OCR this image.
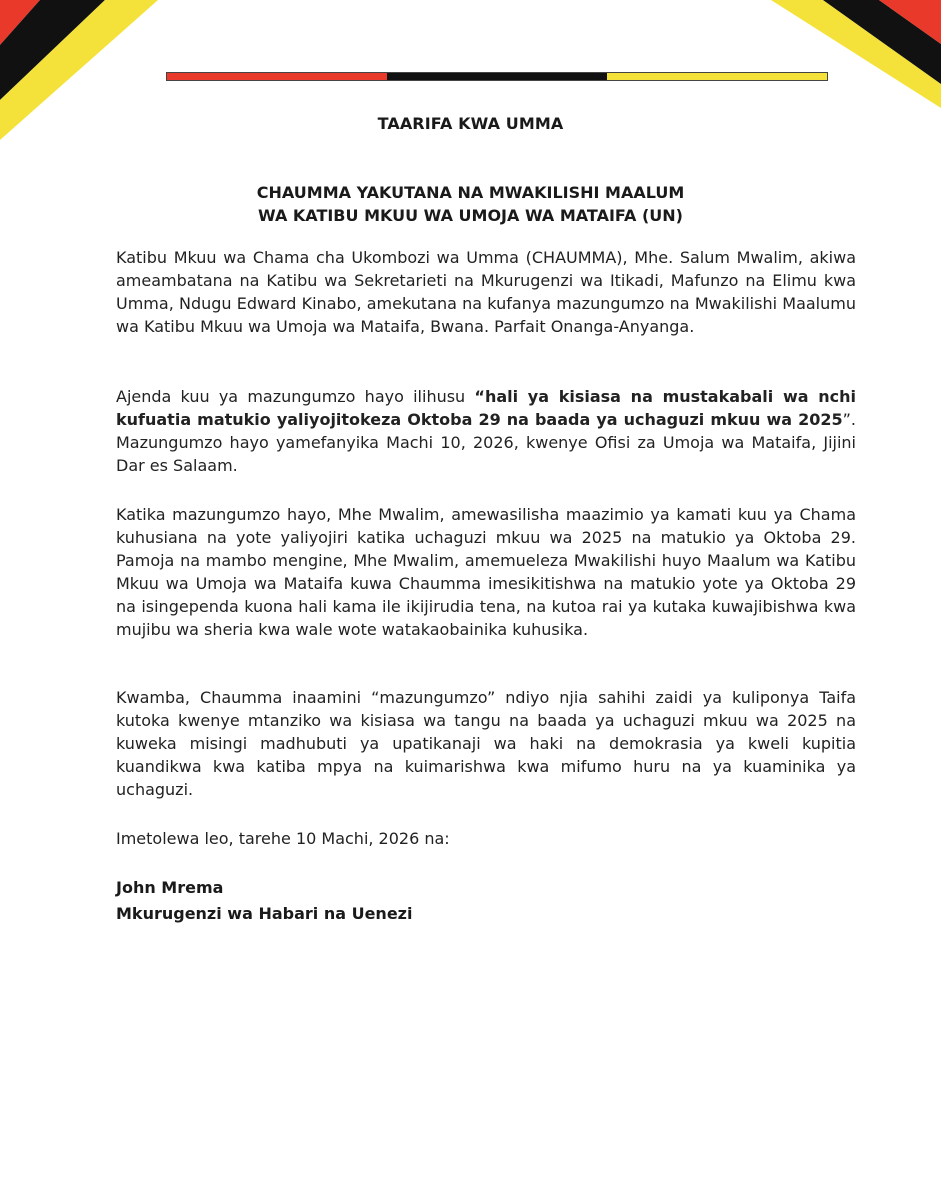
TAARIFA KWA UMMA
CHAUMMA YAKUTANA NA MWAKILISHI MAALUM
WA KATIBU MKUU WA UMOJA WA MATAIFA (UN)

Katibu Mkuu wa Chama cha Ukombozi wa Umma (CHAUMMA), Mhe. Salum Mwalim, akiwa ameambatana na Katibu wa Sekretarieti na Mkurugenzi wa Itikadi, Mafunzo na Elimu kwa Umma, Ndugu Edward Kinabo, amekutana na kufanya mazungumzo na Mwakilishi Maalumu wa Katibu Mkuu wa Umoja wa Mataifa, Bwana. Parfait Onanga-Anyanga.

Ajenda kuu ya mazungumzo hayo ilihusu “hali ya kisiasa na mustakabali wa nchi kufuatia matukio yaliyojitokeza Oktoba 29 na baada ya uchaguzi mkuu wa 2025”. Mazungumzo hayo yamefanyika Machi 10, 2026, kwenye Ofisi za Umoja wa Mataifa, Jijini Dar es Salaam.

Katika mazungumzo hayo, Mhe Mwalim, amewasilisha maazimio ya kamati kuu ya Chama kuhusiana na yote yaliyojiri katika uchaguzi mkuu wa 2025 na matukio ya Oktoba 29. Pamoja na mambo mengine, Mhe Mwalim, amemueleza Mwakilishi huyo Maalum wa Katibu Mkuu wa Umoja wa Mataifa kuwa Chaumma imesikitishwa na matukio yote ya Oktoba 29 na isingependa kuona hali kama ile ikijirudia tena, na kutoa rai ya kutaka kuwajibishwa kwa mujibu wa sheria kwa wale wote watakaobainika kuhusika.

Kwamba, Chaumma inaamini “mazungumzo” ndiyo njia sahihi zaidi ya kuliponya Taifa kutoka kwenye mtanziko wa kisiasa wa tangu na baada ya uchaguzi mkuu wa 2025 na kuweka misingi madhubuti ya upatikanaji wa haki na demokrasia ya kweli kupitia kuandikwa kwa katiba mpya na kuimarishwa kwa mifumo huru na ya kuaminika ya uchaguzi.

Imetolewa leo, tarehe 10 Machi, 2026 na:

John Mrema

Mkurugenzi wa Habari na Uenezi
